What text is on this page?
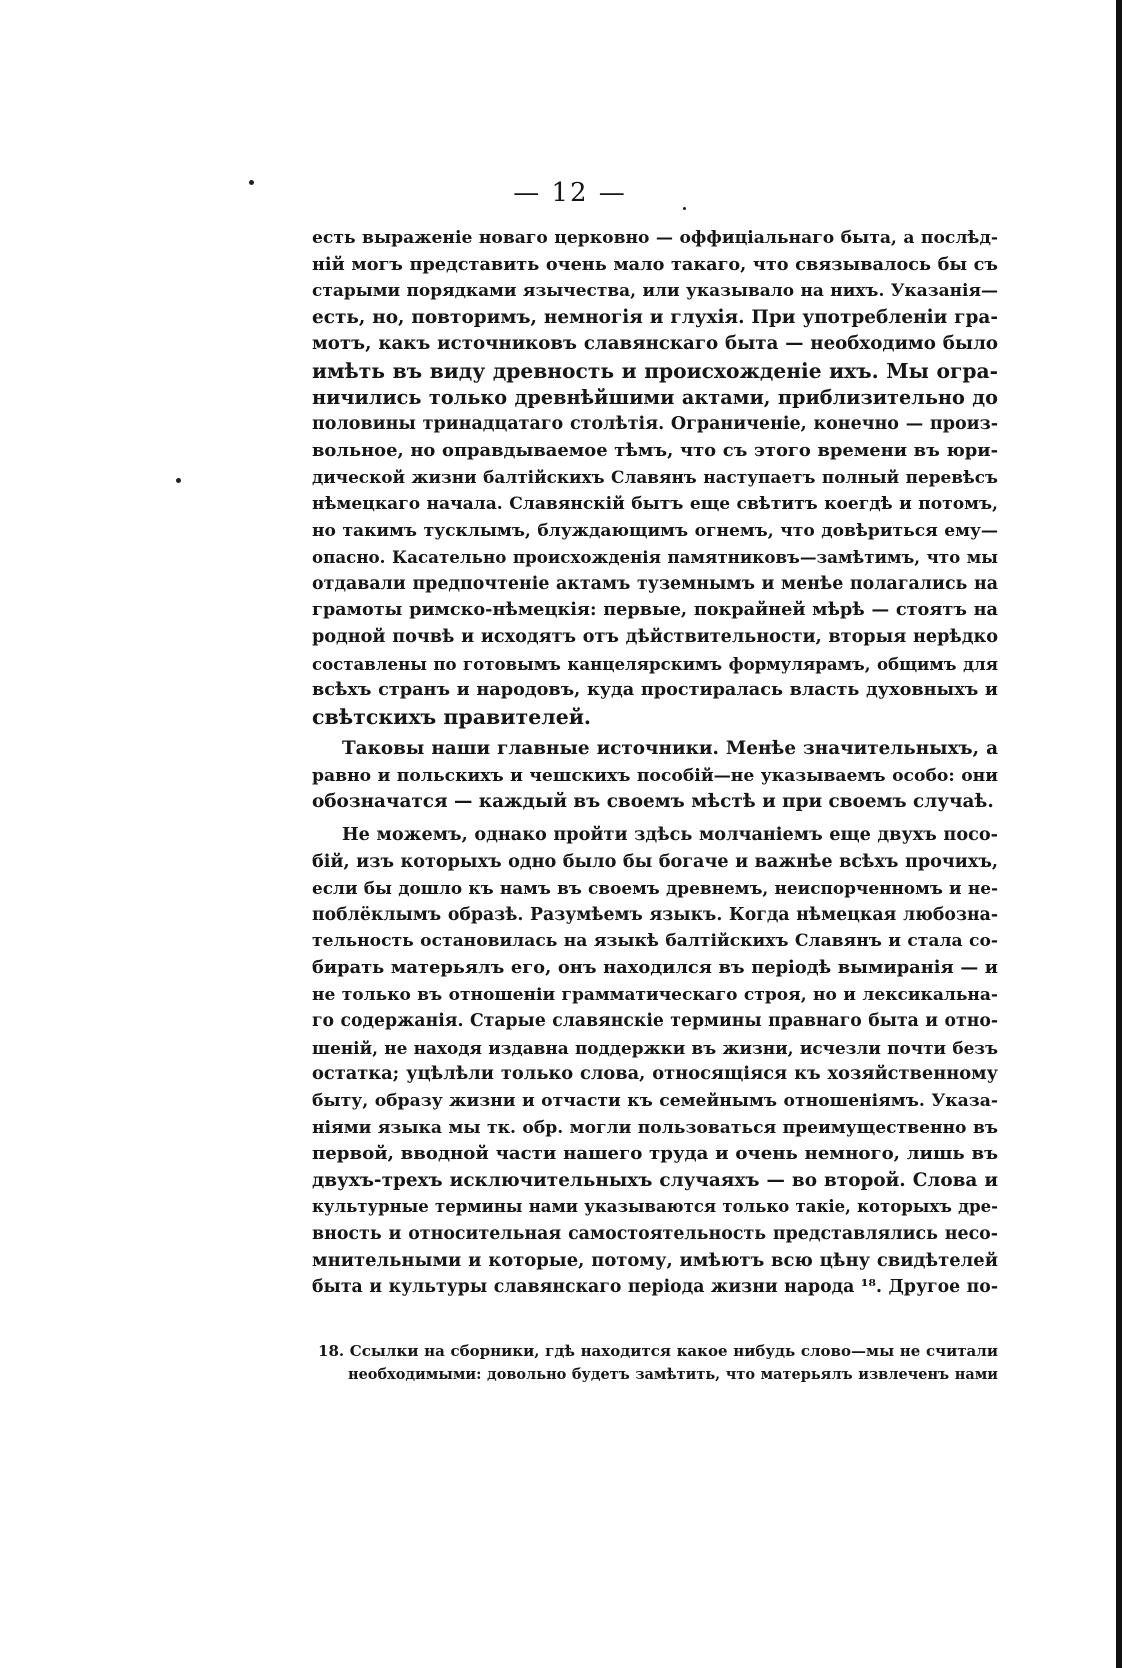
— 12 —
есть выраженіе новаго церковно — оффиціальнаго быта, а послѣд-
ній могъ представить очень мало такаго, что связывалось бы съ
старыми порядками язычества, или указывало на нихъ. Указанія—
есть, но, повторимъ, немногія и глухія. При употребленіи гра-
мотъ, какъ источниковъ славянскаго быта — необходимо было
имѣть въ виду древность и происхожденіе ихъ. Мы огра-
ничились только древнѣйшими актами, приблизительно до
половины тринадцатаго столѣтія. Ограниченіе, конечно — произ-
вольное, но оправдываемое тѣмъ, что съ этого времени въ юри-
дической жизни балтійскихъ Славянъ наступаетъ полный перевѣсъ
нѣмецкаго начала. Славянскій бытъ еще свѣтитъ коегдѣ и потомъ,
но такимъ тусклымъ, блуждающимъ огнемъ, что довѣриться ему—
опасно. Касательно происхожденія памятниковъ—замѣтимъ, что мы
отдавали предпочтеніе актамъ туземнымъ и менѣе полагались на
грамоты римско-нѣмецкія: первые, покрайней мѣрѣ — стоятъ на
родной почвѣ и исходятъ отъ дѣйствительности, вторыя нерѣдко
составлены по готовымъ канцелярскимъ формулярамъ, общимъ для
всѣхъ странъ и народовъ, куда простиралась власть духовныхъ и
свѣтскихъ правителей.
Таковы наши главные источники. Менѣе значительныхъ, а
равно и польскихъ и чешскихъ пособій—не указываемъ особо: они
обозначатся — каждый въ своемъ мѣстѣ и при своемъ случаѣ.
Не можемъ, однако пройти здѣсь молчаніемъ еще двухъ посо-
бій, изъ которыхъ одно было бы богаче и важнѣе всѣхъ прочихъ,
если бы дошло къ намъ въ своемъ древнемъ, неиспорченномъ и не-
поблёклымъ образѣ. Разумѣемъ языкъ. Когда нѣмецкая любознa-
тельность остановилась на языкѣ балтійскихъ Славянъ и стала со-
бирать матерьялъ его, онъ находился въ періодѣ вымиранія — и
не только въ отношеніи грамматическаго строя, но и лексикальна-
го содержанія. Старые славянскіе термины правнаго быта и отно-
шеній, не находя издавна поддержки въ жизни, исчезли почти безъ
остатка; уцѣлѣли только слова, относящіяся къ хозяйственному
быту, образу жизни и отчасти къ семейнымъ отношеніямъ. Указа-
ніями языка мы тк. обр. могли пользоваться преимущественно въ
первой, вводной части нашего труда и очень немного, лишь въ
двухъ-трехъ исключительныхъ случаяхъ — во второй. Слова и
культурные термины нами указываются только такіе, которыхъ дре-
вность и относительная самостоятельность представлялись несо-
мнительными и которые, потому, имѣютъ всю цѣну свидѣтелей
быта и культуры славянскаго періода жизни народа ¹⁸. Другое по-
18. Ссылки на сборники, гдѣ находится какое нибудь слово—мы не считали
необходимыми: довольно будетъ замѣтить, что матерьялъ извлеченъ нами
